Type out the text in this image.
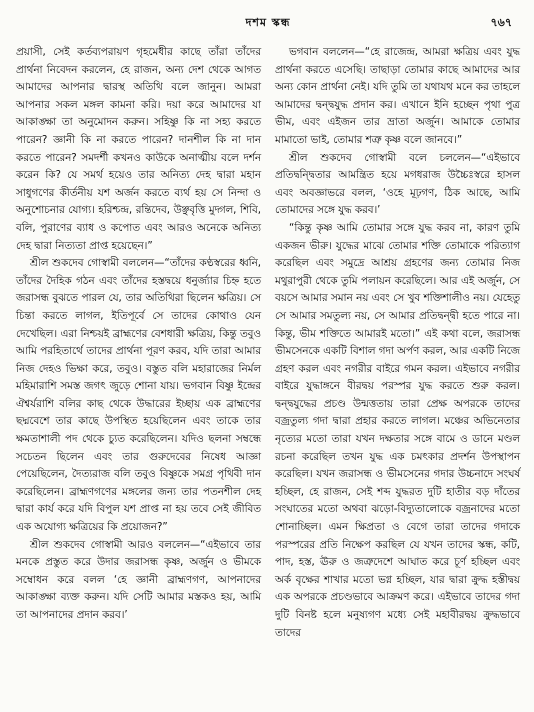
দশম স্কন্ধ	৭৬৭

প্রয়াসী, সেই কর্তব্যপরায়ণ গৃহমেধীর কাছে তাঁরা তাঁদের প্রার্থনা নিবেদন করলেন, হে রাজন, অন্য দেশ থেকে আগত আমাদের আপনার দ্বারস্থ অতিথি বলে জানুন। আমরা আপনার সকল মঙ্গল কামনা করি। দয়া করে আমাদের যা আকাঙ্ক্ষা তা অনুমোদন করুন। সহিষ্ণু কি না সহ্য করতে পারেন? জ্ঞানী কি না করতে পারেন? দানশীল কি না দান করতে পারেন? সমদর্শী কখনও কাউকে অনাত্মীয় বলে দর্শন করেন কি? যে সমর্থ হয়েও তার অনিত্য দেহ দ্বারা মহান সাধুগণের কীর্তনীয় যশ অর্জন করতে ব্যর্থ হয় সে নিন্দা ও অনুশোচনার যোগ্য। হরিশ্চন্দ্র, রন্তিদেব, উঞ্ছবৃত্তি মুদ্গল, শিবি, বলি, পুরাণের ব্যাধ ও কপোত এবং আরও অনেকে অনিত্য দেহ দ্বারা নিত্যতা প্রাপ্ত হয়েছেন।”

শ্রীল শুকদেব গোস্বামী বললেন—“তাঁদের কণ্ঠস্বরের ধ্বনি, তাঁদের দৈহিক গঠন এবং তাঁদের হস্তদ্বয়ে ধনুর্জ্যার চিহ্ন হতে জরাসন্ধ বুঝতে পারল যে, তার অতিথিরা ছিলেন ক্ষত্রিয়। সে চিন্তা করতে লাগল, ইতিপূর্বে সে তাদের কোথাও যেন দেখেছিল। এরা নিশ্চয়ই ব্রাহ্মণের বেশধারী ক্ষত্রিয়, কিন্তু তবুও আমি পরহিতার্থে তাদের প্রার্থনা পূরণ করব, যদি তারা আমার নিজ দেহও ভিক্ষা করে, তবুও। বস্তুত বলি মহারাজের নির্মল মহিমারাশি সমস্ত জগৎ জুড়ে শোনা যায়। ভগবান বিষ্ণু ইন্দ্রের ঐশ্বর্যরাশি বলির কাছ থেকে উদ্ধারের ইচ্ছায় এক ব্রাহ্মণের ছদ্মবেশে তার কাছে উপস্থিত হয়েছিলেন এবং তাকে তার ক্ষমতাশালী পদ থেকে চ্যুত করেছিলেন। যদিও ছলনা সম্বন্ধে সচেতন ছিলেন এবং তার গুরুদেবের নিষেধ আজ্ঞা পেয়েছিলেন, দৈত্যরাজ বলি তবুও বিষ্ণুকে সমগ্র পৃথিবী দান করেছিলেন। ব্রাহ্মণগণের মঙ্গলের জন্য তার পতনশীল দেহ দ্বারা কার্য করে যদি বিপুল যশ প্রাপ্ত না হয় তবে সেই জীবিত এক অযোগ্য ক্ষত্রিয়ের কি প্রয়োজন?”

শ্রীল শুকদেব গোস্বামী আরও বললেন—“এইভাবে তার মনকে প্রস্তুত করে উদার জরাসন্ধ কৃষ্ণ, অর্জুন ও ভীমকে সম্বোধন করে বলল ‘হে জ্ঞানী ব্রাহ্মণগণ, আপনাদের আকাঙ্ক্ষা ব্যক্ত করুন। যদি সেটি আমার মস্তকও হয়, আমি তা আপনাদের প্রদান করব।’

ভগবান বললেন—“হে রাজেন্দ্র, আমরা ক্ষত্রিয় এবং যুদ্ধ প্রার্থনা করতে এসেছি। তাছাড়া তোমার কাছে আমাদের আর অন্য কোন প্রার্থনা নেই। যদি তুমি তা যথাযথ মনে কর তাহলে আমাদের দ্বন্দ্বযুদ্ধ প্রদান কর। এখানে ইনি হচ্ছেন পৃথা পুত্র ভীম, এবং এইজন তার ভ্রাতা অর্জুন। আমাকে তোমার মামাতো ভাই, তোমার শত্রু কৃষ্ণ বলে জানবে।”

শ্রীল শুকদেব গোস্বামী বলে চললেন—“এইভাবে প্রতিদ্বন্দ্বিতার আমন্ত্রিত হয়ে মগধরাজ উচ্চৈঃস্বরে হাসল এবং অবজ্ঞাভরে বলল, ‘ওহে মূঢ়গণ, ঠিক আছে, আমি তোমাদের সঙ্গে যুদ্ধ করব।’

“কিন্তু কৃষ্ণ আমি তোমার সঙ্গে যুদ্ধ করব না, কারণ তুমি একজন ভীরু। যুদ্ধের মাঝে তোমার শক্তি তোমাকে পরিত্যাগ করেছিল এবং সমুদ্রে আশ্রয় গ্রহণের জন্য তোমার নিজ মথুরাপুরী থেকে তুমি পলায়ন করেছিলে। আর এই অর্জুন, সে বয়সে আমার সমান নয় এবং সে খুব শক্তিশালীও নয়। যেহেতু সে আমার সমতুল্য নয়, সে আমার প্রতিদ্বন্দ্বী হতে পারে না। কিন্তু, ভীম শক্তিতে আমারই মতো।” এই কথা বলে, জরাসন্ধ ভীমসেনকে একটি বিশাল গদা অর্পণ করল, আর একটি নিজে গ্রহণ করল এবং নগরীর বাইরে গমন করল। এইভাবে নগরীর বাইরে যুদ্ধাঙ্গনে বীরদ্বয় পরস্পর যুদ্ধ করতে শুরু করল। দ্বন্দ্বযুদ্ধের প্রচণ্ড উন্মত্ততায় তারা প্রেক্ষ অপরকে তাদের বজ্রতুল্য গদা দ্বারা প্রহার করতে লাগল। মঞ্চের অভিনেতার নৃত্যের মতো তারা যখন দক্ষতার সঙ্গে বামে ও ডানে মণ্ডল রচনা করেছিল তখন যুদ্ধ এক চমৎকার প্রদর্শন উপস্থাপন করেছিল। যখন জরাসন্ধ ও ভীমসেনের গদার উচ্চনাদে সংঘর্ষ হচ্ছিল, হে রাজন, সেই শব্দ যুদ্ধরত দুটি হাতীর বড় দাঁতের সংঘাতের মতো অথবা ঝড়ো-বিদ্যুতালোকে বজ্রনাদের মতো শোনাচ্ছিল। এমন ক্ষিপ্রতা ও বেগে তারা তাদের গদাকে পরস্পরের প্রতি নিক্ষেপ করছিল যে যখন তাদের স্কন্ধ, কটি, পাদ, হস্ত, ঊরু ও জত্রুদেশে আঘাত করে চূর্ণ হচ্ছিল এবং অর্ক বৃক্ষের শাখার মতো ভগ্ন হচ্ছিল, যার দ্বারা ক্রুদ্ধ হস্তীদ্বয় এক অপরকে প্রচণ্ডভাবে আক্রমণ করে। এইভাবে তাদের গদা দুটি বিনষ্ট হলে মনুষ্যগণ মধ্যে সেই মহাবীরদ্বয় ক্রুদ্ধভাবে তাদের
